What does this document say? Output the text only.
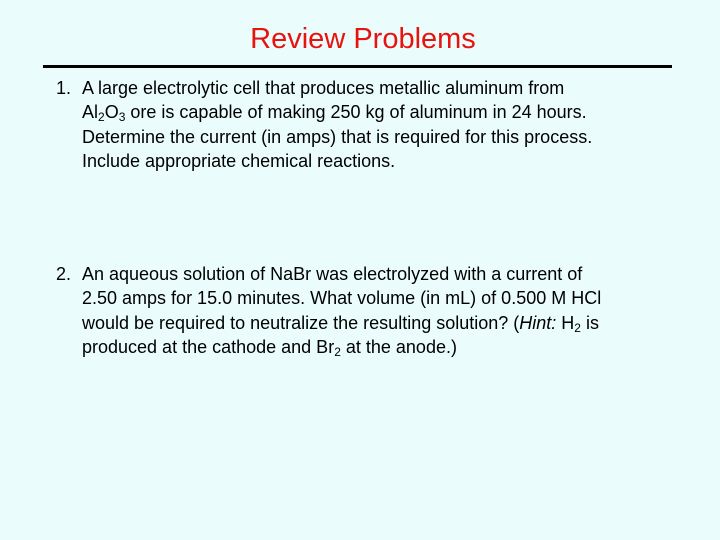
Review Problems
1. A large electrolytic cell that produces metallic aluminum from
$Al_2O_3$ ore is capable of making 250 kg of aluminum in 24 hours.
Determine the current (in amps) that is required for this process.
Include appropriate chemical reactions.
2. An aqueous solution of NaBr was electrolyzed with a current of
2.50 amps for 15.0 minutes. What volume (in mL) of 0.500 M HCl
would be required to neutralize the resulting solution? (Hint: $H_2$ is
produced at the cathode and $Br_2$ at the anode.)
